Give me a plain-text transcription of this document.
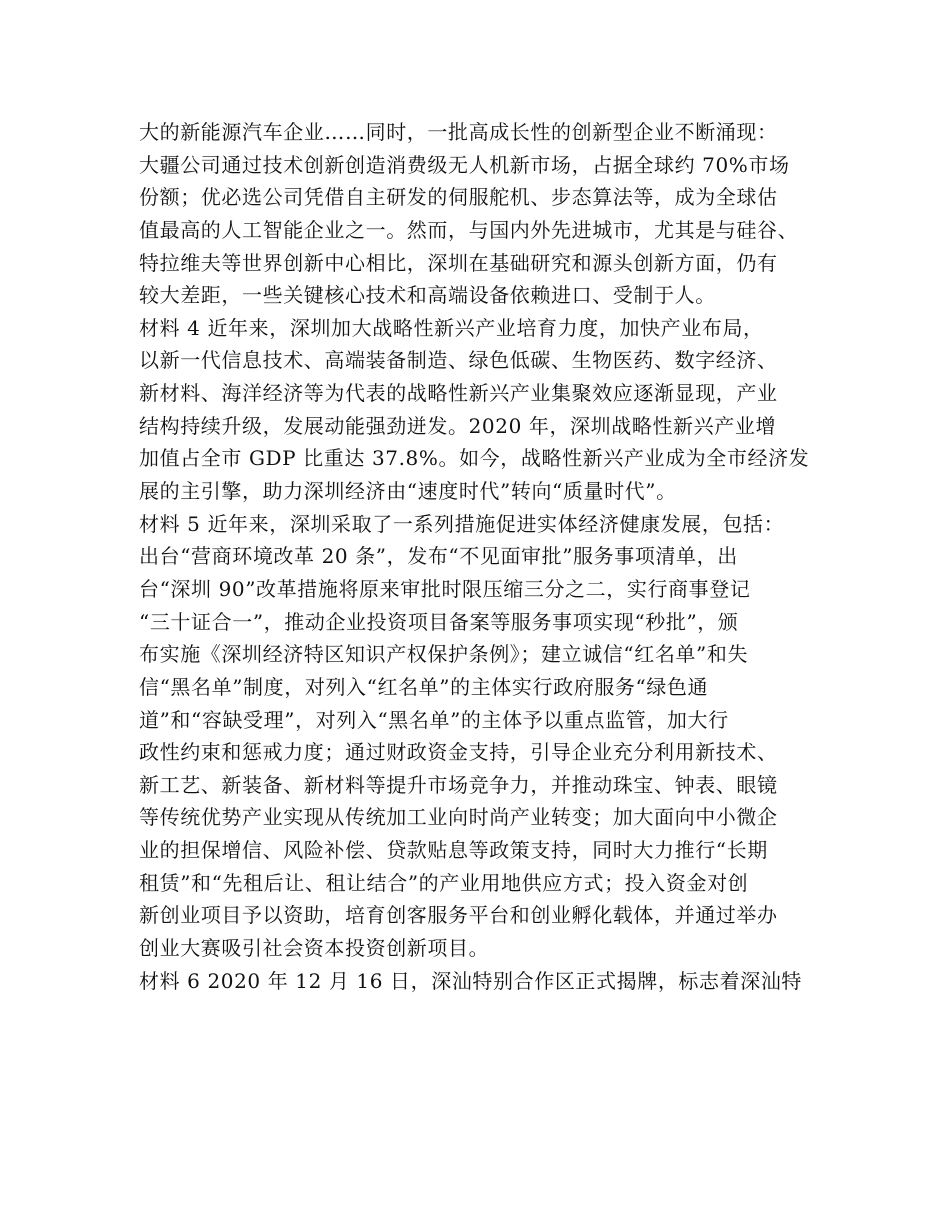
大的新能源汽车企业……同时，一批高成长性的创新型企业不断涌现：
大疆公司通过技术创新创造消费级无人机新市场，占据全球约 70%市场
份额；优必选公司凭借自主研发的伺服舵机、步态算法等，成为全球估
值最高的人工智能企业之一。然而，与国内外先进城市，尤其是与硅谷、
特拉维夫等世界创新中心相比，深圳在基础研究和源头创新方面，仍有
较大差距，一些关键核心技术和高端设备依赖进口、受制于人。
材料 4 近年来，深圳加大战略性新兴产业培育力度，加快产业布局，
以新一代信息技术、高端装备制造、绿色低碳、生物医药、数字经济、
新材料、海洋经济等为代表的战略性新兴产业集聚效应逐渐显现，产业
结构持续升级，发展动能强劲迸发。2020 年，深圳战略性新兴产业增
加值占全市 GDP 比重达 37.8%。如今，战略性新兴产业成为全市经济发
展的主引擎，助力深圳经济由“速度时代”转向“质量时代”。
材料 5 近年来，深圳采取了一系列措施促进实体经济健康发展，包括：
出台“营商环境改革 20 条”，发布“不见面审批”服务事项清单，出
台“深圳 90”改革措施将原来审批时限压缩三分之二，实行商事登记
“三十证合一”，推动企业投资项目备案等服务事项实现“秒批”，颁
布实施《深圳经济特区知识产权保护条例》；建立诚信“红名单”和失
信“黑名单”制度，对列入“红名单”的主体实行政府服务“绿色通
道”和“容缺受理”，对列入“黑名单”的主体予以重点监管，加大行
政性约束和惩戒力度；通过财政资金支持，引导企业充分利用新技术、
新工艺、新装备、新材料等提升市场竞争力，并推动珠宝、钟表、眼镜
等传统优势产业实现从传统加工业向时尚产业转变；加大面向中小微企
业的担保增信、风险补偿、贷款贴息等政策支持，同时大力推行“长期
租赁”和“先租后让、租让结合”的产业用地供应方式；投入资金对创
新创业项目予以资助，培育创客服务平台和创业孵化载体，并通过举办
创业大赛吸引社会资本投资创新项目。
材料 6 2020 年 12 月 16 日，深汕特别合作区正式揭牌，标志着深汕特
